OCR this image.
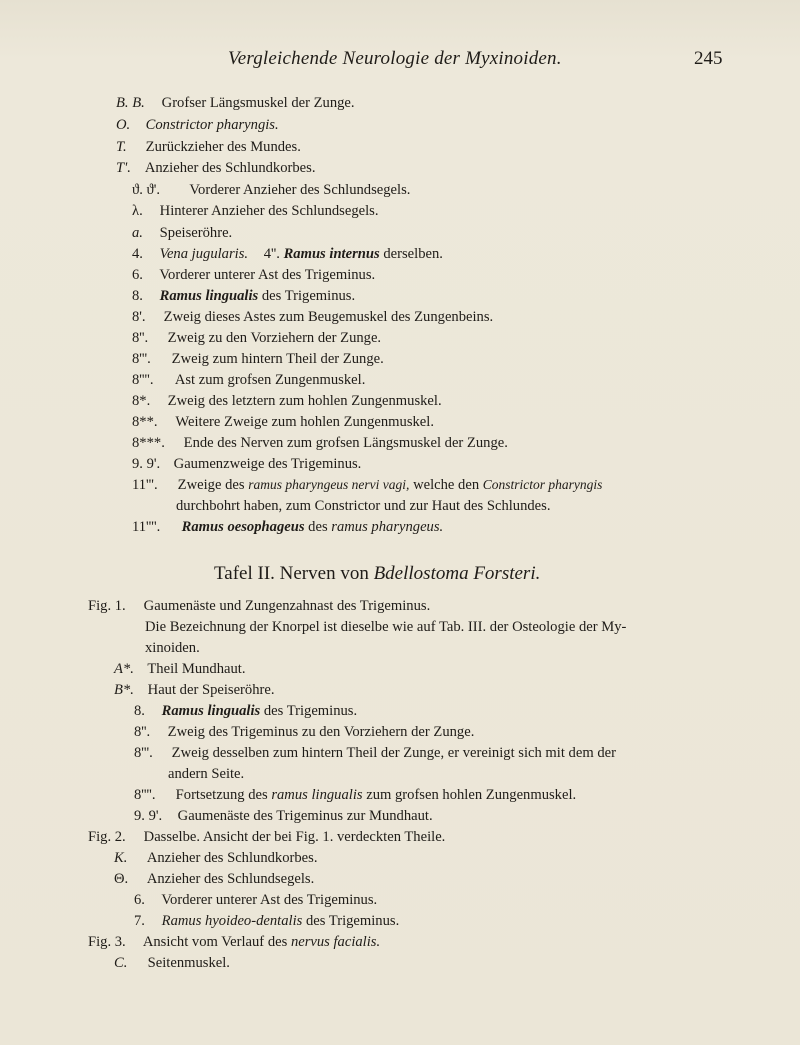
Vergleichende Neurologie der Myxinoiden.	245
B. B. Grofser Längsmuskel der Zunge.
O. Constrictor pharyngis.
T. Zurückzieher des Mundes.
T'. Anzieher des Schlundkorbes.
ϑ. ϑ'. Vorderer Anzieher des Schlundsegels.
λ. Hinterer Anzieher des Schlundsegels.
a. Speiseröhre.
4. Vena jugularis. 4''. Ramus internus derselben.
6. Vorderer unterer Ast des Trigeminus.
8. Ramus lingualis des Trigeminus.
8'. Zweig dieses Astes zum Beugemuskel des Zungenbeins.
8''. Zweig zu den Vorziehern der Zunge.
8'''. Zweig zum hintern Theil der Zunge.
8''''. Ast zum grofsen Zungenmuskel.
8*. Zweig des letztern zum hohlen Zungenmuskel.
8**. Weitere Zweige zum hohlen Zungenmuskel.
8***. Ende des Nerven zum grofsen Längsmuskel der Zunge.
9. 9'. Gaumenzweige des Trigeminus.
11'''. Zweige des ramus pharyngeus nervi vagi, welche den Constrictor pharyngis
durchbohrt haben, zum Constrictor und zur Haut des Schlundes.
11''''. Ramus oesophageus des ramus pharyngeus.
Tafel II. Nerven von Bdellostoma Forsteri.
Fig. 1. Gaumenäste und Zungenzahnast des Trigeminus.
Die Bezeichnung der Knorpel ist dieselbe wie auf Tab. III. der Osteologie der My-
xinoiden.
A*. Theil Mundhaut.
B*. Haut der Speiseröhre.
8. Ramus lingualis des Trigeminus.
8''. Zweig des Trigeminus zu den Vorziehern der Zunge.
8'''. Zweig desselben zum hintern Theil der Zunge, er vereinigt sich mit dem der
andern Seite.
8''''. Fortsetzung des ramus lingualis zum grofsen hohlen Zungenmuskel.
9. 9'. Gaumenäste des Trigeminus zur Mundhaut.
Fig. 2. Dasselbe. Ansicht der bei Fig. 1. verdeckten Theile.
K. Anzieher des Schlundkorbes.
Θ. Anzieher des Schlundsegels.
6. Vorderer unterer Ast des Trigeminus.
7. Ramus hyoideo-dentalis des Trigeminus.
Fig. 3. Ansicht vom Verlauf des nervus facialis.
C. Seitenmuskel.
